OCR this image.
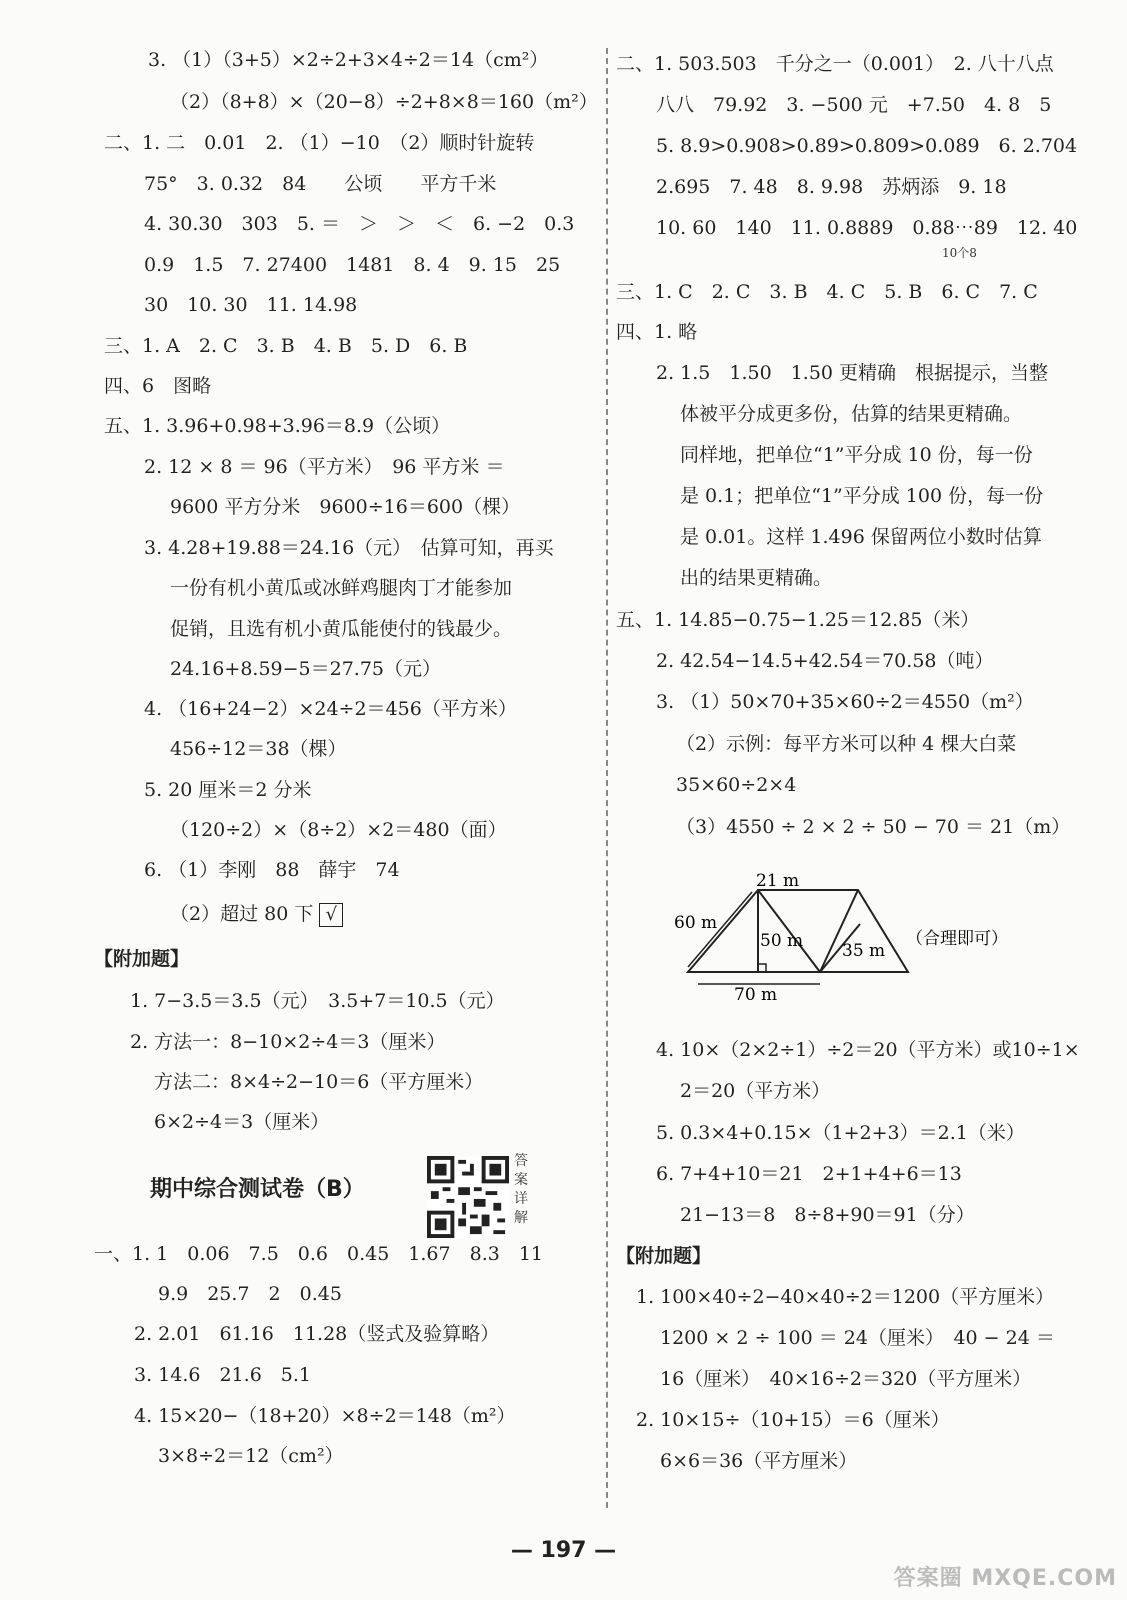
3. （1）（3+5）×2÷2+3×4÷2＝14（cm²）
（2）（8+8）×（20−8）÷2+8×8＝160（m²）
二、1. 二　0.01　2. （1）−10　（2）顺时针旋转
75°　3. 0.32　84　　公顷　　平方千米
4. 30.30　303　5. ＝　＞　＞　＜　6. −2　0.3
0.9　1.5　7. 27400　1481　8. 4　9. 15　25
30　10. 30　11. 14.98
三、1. A　2. C　3. B　4. B　5. D　6. B
四、6　图略
五、1. 3.96+0.98+3.96＝8.9（公顷）
2. 12 × 8 ＝ 96（平方米）　96 平方米 ＝
9600 平方分米　9600÷16＝600（棵）
3. 4.28+19.88＝24.16（元）　估算可知，再买
一份有机小黄瓜或冰鲜鸡腿肉丁才能参加
促销，且选有机小黄瓜能使付的钱最少。
24.16+8.59−5＝27.75（元）
4. （16+24−2）×24÷2＝456（平方米）
456÷12＝38（棵）
5. 20 厘米＝2 分米
（120÷2）×（8÷2）×2＝480（面）
6. （1）李刚　88　薛宇　74
（2）超过 80 下 √
【附加题】
1. 7−3.5＝3.5（元）　3.5+7＝10.5（元）
2. 方法一：8−10×2÷4＝3（厘米）
方法二：8×4÷2−10＝6（平方厘米）
6×2÷4＝3（厘米）
期中综合测试卷（B）
答案详解
一、1. 1　0.06　7.5　0.6　0.45　1.67　8.3　11
9.9　25.7　2　0.45
2. 2.01　61.16　11.28（竖式及验算略）
3. 14.6　21.6　5.1
4. 15×20−（18+20）×8÷2＝148（m²）
3×8÷2＝12（cm²）
二、1. 503.503　千分之一（0.001）　2. 八十八点
八八　79.92　3. −500 元　+7.50　4. 8　5
5. 8.9>0.908>0.89>0.809>0.089　6. 2.704
2.695　7. 48　8. 9.98　苏炳添　9. 18
10. 60　140　11. 0.8889　0.88⋯89　12. 40
10个8
三、1. C　2. C　3. B　4. C　5. B　6. C　7. C
四、1. 略
2. 1.5　1.50　1.50 更精确　根据提示，当整
体被平分成更多份，估算的结果更精确。
同样地，把单位“1”平分成 10 份，每一份
是 0.1；把单位“1”平分成 100 份，每一份
是 0.01。这样 1.496 保留两位小数时估算
出的结果更精确。
五、1. 14.85−0.75−1.25＝12.85（米）
2. 42.54−14.5+42.54＝70.58（吨）
3. （1）50×70+35×60÷2＝4550（m²）
（2）示例：每平方米可以种 4 棵大白菜
35×60÷2×4
（3）4550 ÷ 2 × 2 ÷ 50 − 70 ＝ 21（m）
4. 10×（2×2÷1）÷2＝20（平方米）或10÷1×
2＝20（平方米）
5. 0.3×4+0.15×（1+2+3）＝2.1（米）
6. 7+4+10＝21　2+1+4+6＝13
21−13＝8　8÷8+90＝91（分）
【附加题】
1. 100×40÷2−40×40÷2＝1200（平方厘米）
1200 × 2 ÷ 100 ＝ 24（厘米）　40 − 24 ＝
16（厘米）　40×16÷2＝320（平方厘米）
2. 10×15÷（10+15）＝6（厘米）
6×6＝36（平方厘米）
21 m
60 m
50 m 35 m
70 m
（合理即可）
— 197 —
答案圈 MXQE.COM
